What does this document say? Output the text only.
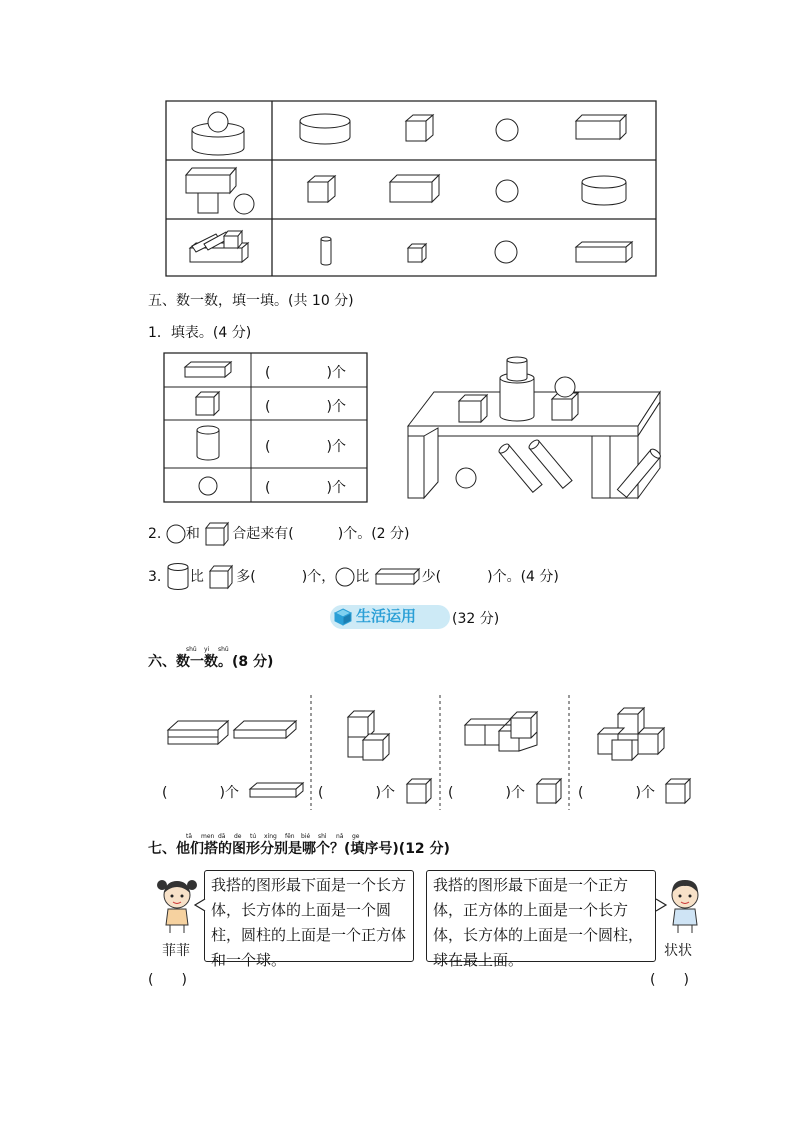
五、数一数，填一填。(共 10 分)
1．填表。(4 分)
(	)个
(	)个
(	)个
(	)个
2. 和 合起来有(	)个。(2 分)
3. 比 多(	)个， 比	少(	)个。(4 分)
生活运用	(32 分)
shǔ yi shǔ
六、数一数。(8 分)
(	)个	(	)个	(	)个	(	)个
tā men dā de tú xíng fēn bié shì nǎ ge
七、他们搭的图形分别是哪个？(填序号)(12 分)
菲菲
我搭的图形最下面是一个长方体，长方体的上面是一个圆柱，圆柱的上面是一个正方体和一个球。
我搭的图形最下面是一个正方体，正方体的上面是一个长方体，长方体的上面是一个圆柱，球在最上面。	状状
(　　)	(　　)
